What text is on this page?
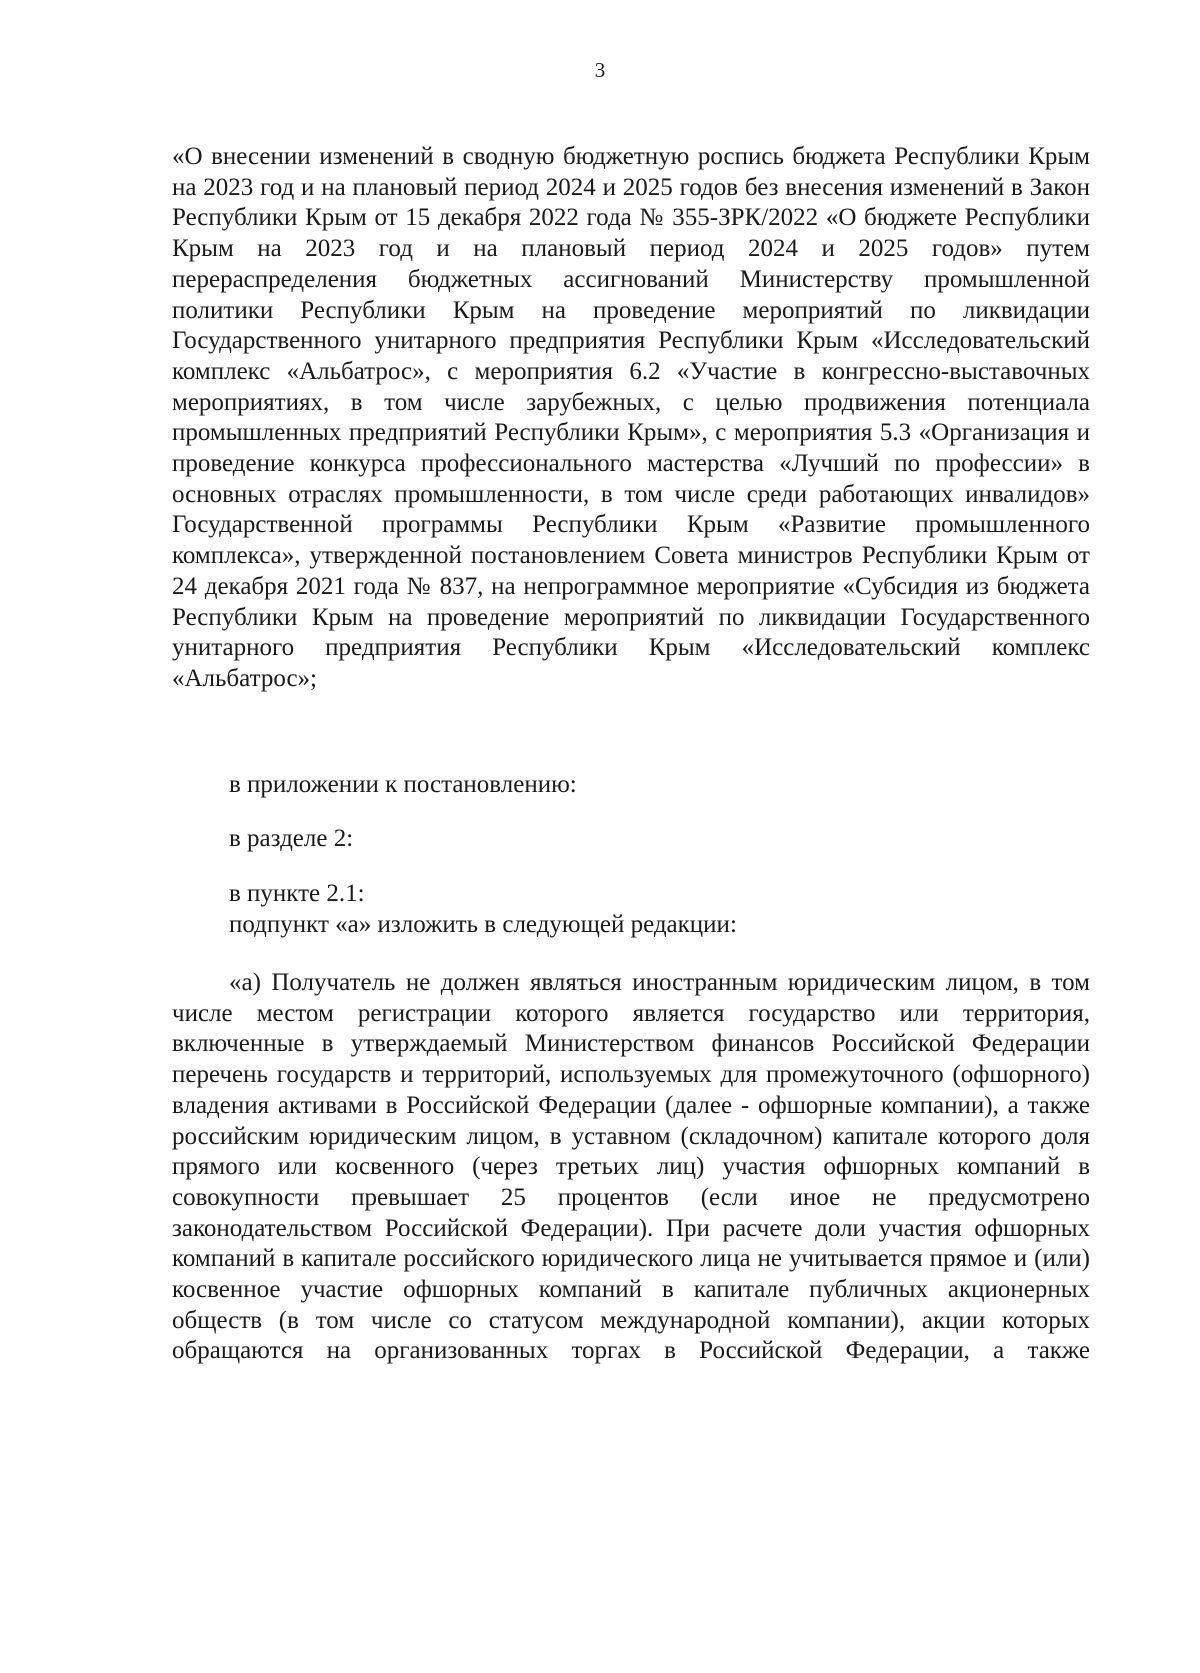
3

«О внесении изменений в сводную бюджетную роспись бюджета Республики Крым на 2023 год и на плановый период 2024 и 2025 годов без внесения изменений в Закон Республики Крым от 15 декабря 2022 года № 355-ЗРК/2022 «О бюджете Республики Крым на 2023 год и на плановый период 2024 и 2025 годов» путем перераспределения бюджетных ассигнований Министерству промышленной политики Республики Крым на проведение мероприятий по ликвидации Государственного унитарного предприятия Республики Крым «Исследовательский комплекс «Альбатрос», с мероприятия 6.2 «Участие в конгрессно-выставочных мероприятиях, в том числе зарубежных, с целью продвижения потенциала промышленных предприятий Республики Крым», с мероприятия 5.3 «Организация и проведение конкурса профессионального мастерства «Лучший по профессии» в основных отраслях промышленности, в том числе среди работающих инвалидов» Государственной программы Республики Крым «Развитие промышленного комплекса», утвержденной постановлением Совета министров Республики Крым от 24 декабря 2021 года № 837, на непрограммное мероприятие «Субсидия из бюджета Республики Крым на проведение мероприятий по ликвидации Государственного унитарного предприятия Республики Крым «Исследовательский комплекс «Альбатрос»;

в приложении к постановлению:

в разделе 2:

в пункте 2.1:

подпункт «а» изложить в следующей редакции:

«а) Получатель не должен являться иностранным юридическим лицом, в том числе местом регистрации которого является государство или территория, включенные в утверждаемый Министерством финансов Российской Федерации перечень государств и территорий, используемых для промежуточного (офшорного) владения активами в Российской Федерации (далее - офшорные компании), а также российским юридическим лицом, в уставном (складочном) капитале которого доля прямого или косвенного (через третьих лиц) участия офшорных компаний в совокупности превышает 25 процентов (если иное не предусмотрено законодательством Российской Федерации). При расчете доли участия офшорных компаний в капитале российского юридического лица не учитывается прямое и (или) косвенное участие офшорных компаний в капитале публичных акционерных обществ (в том числе со статусом международной компании), акции которых обращаются на организованных торгах в Российской Федерации, а также
